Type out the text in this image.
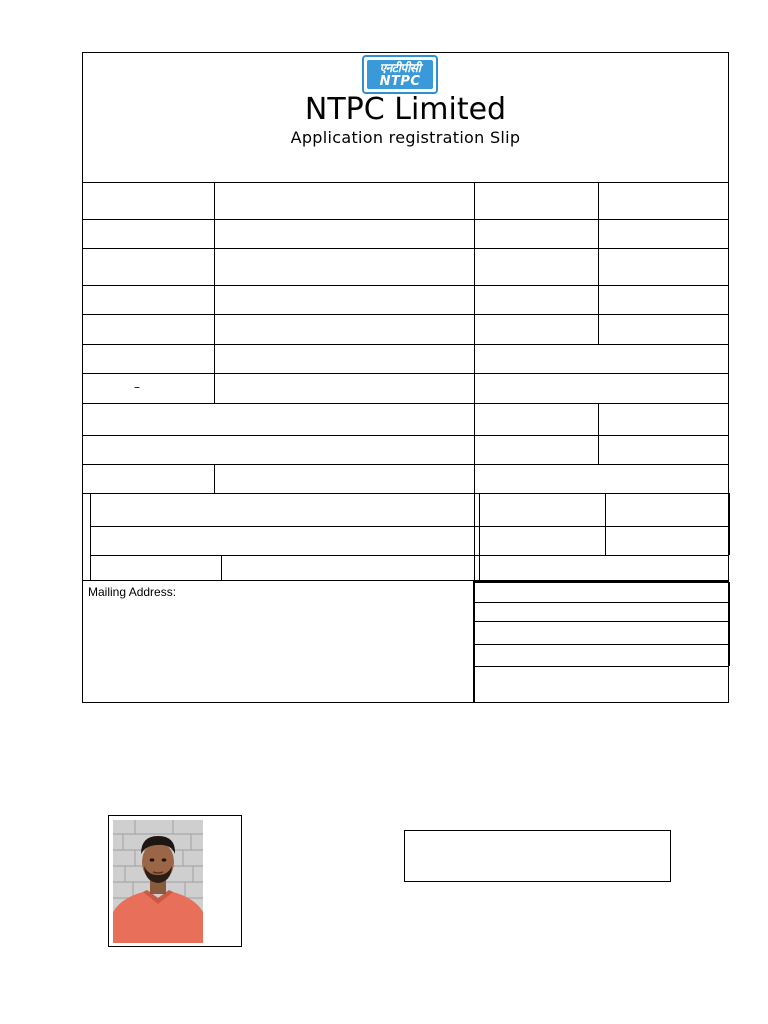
एनटीपीसी
NTPC
NTPC Limited
Application registration Slip
–
Mailing Address:
